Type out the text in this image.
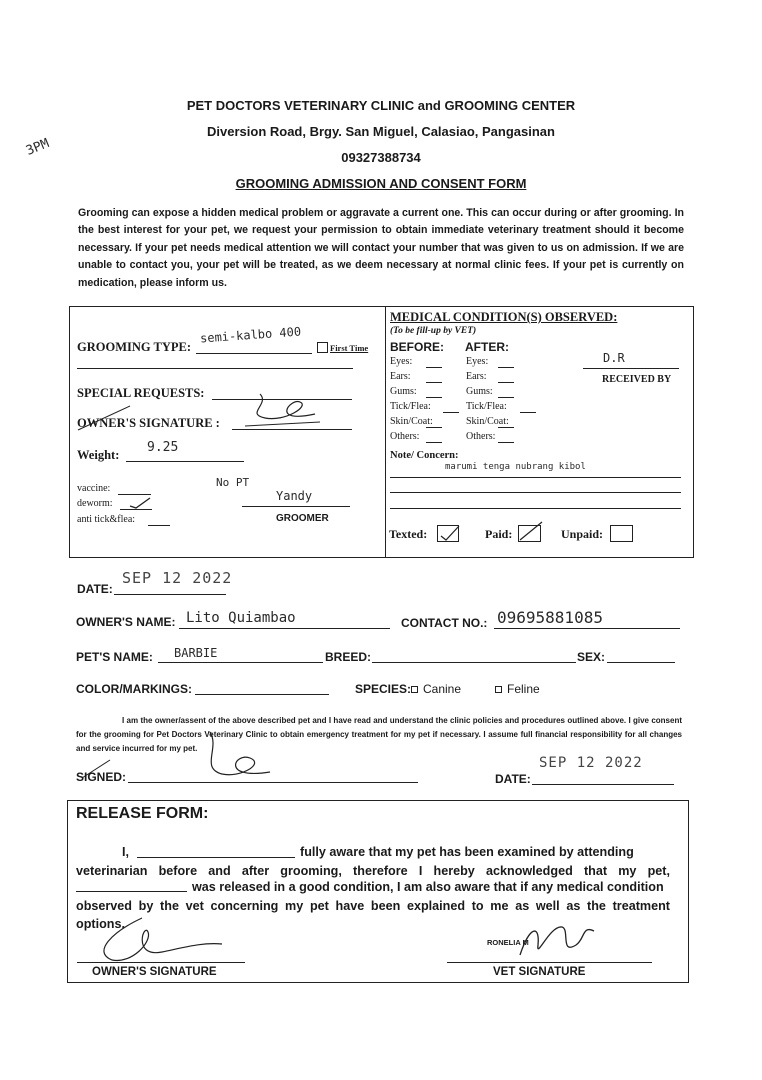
3PM
PET DOCTORS VETERINARY CLINIC and GROOMING CENTER
Diversion Road, Brgy. San Miguel, Calasiao, Pangasinan
09327388734
GROOMING ADMISSION AND CONSENT FORM
Grooming can expose a hidden medical problem or aggravate a current one. This can occur during or after grooming. In the best interest for your pet, we request your permission to obtain immediate veterinary treatment should it become necessary. If your pet needs medical attention we will contact your number that was given to us on admission. If we are unable to contact you, your pet will be treated, as we deem necessary at normal clinic fees. If your pet is currently on medication, please inform us.
GROOMING TYPE:
semi-kalbo 400
First Time
SPECIAL REQUESTS:
OWNER'S SIGNATURE :
Weight: 9.25
vaccine:
deworm:
anti tick&flea:
No PT
Yandy
GROOMER
MEDICAL CONDITION(S) OBSERVED:
(To be fill-up by VET)
BEFORE: AFTER:
Eyes:	Eyes:
Ears:	Ears:
Gums:	Gums:
Tick/Flea:	Tick/Flea:
Skin/Coat:	Skin/Coat:
Others:	Others:
D.R
RECEIVED BY
Note/ Concern:
marumi tenga nubrang kibol
Texted:	Paid:	Unpaid:
DATE:
SEP 12 2022
OWNER'S NAME: Lito Quiambao	CONTACT NO.: 09695881085
PET'S NAME: BARBIE	BREED:	SEX:
COLOR/MARKINGS:	SPECIES: Canine	Feline
I am the owner/assent of the above described pet and I have read and understand the clinic policies and procedures outlined above. I give consent for the grooming for Pet Doctors Veterinary Clinic to obtain emergency treatment for my pet if necessary. I assume full financial responsibility for all changes and service incurred for my pet.
SIGNED:	DATE:
SEP 12 2022
RELEASE FORM:
I,	fully aware that my pet has been examined by attending
veterinarian before and after grooming, therefore I hereby acknowledged that my pet,
was released in a good condition, I am also aware that if any medical condition
observed by the vet concerning my pet have been explained to me as well as the treatment options.
OWNER'S SIGNATURE
RONELIA M
VET SIGNATURE
